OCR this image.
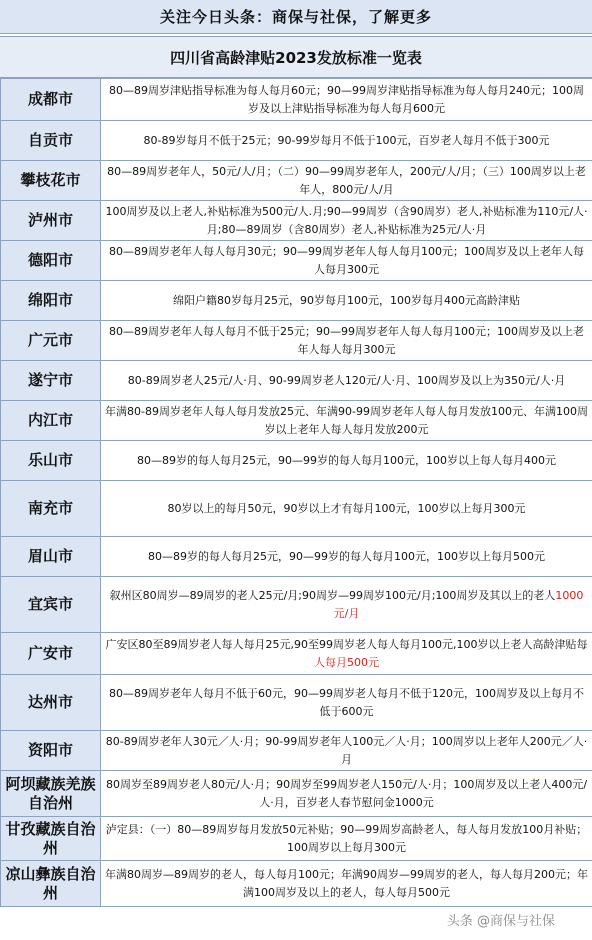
关注今日头条：商保与社保，了解更多
四川省高龄津贴2023发放标准一览表
成都市	80—89周岁津贴指导标准为每人每月60元；90—99周岁津贴指导标准为每人每月240元；100周岁及以上津贴指导标准为每人每月600元
自贡市	80-89岁每月不低于25元；90-99岁每月不低于100元，百岁老人每月不低于300元
攀枝花市	80—89周岁老年人，50元/人/月；（二）90—99周岁老年人，200元/人/月；（三）100周岁以上老年人，800元/人/月
泸州市	100周岁及以上老人,补贴标准为500元/人.月;90—99周岁（含90周岁）老人,补贴标准为110元/人·月;80—89周岁（含80周岁）老人,补贴标准为25元/人·月
德阳市	80—89周岁老年人每人每月30元；90—99周岁老年人每人每月100元；100周岁及以上老年人每人每月300元
绵阳市	绵阳户籍80岁每月25元，90岁每月100元，100岁每月400元高龄津贴
广元市	80—89周岁老年人每人每月不低于25元；90—99周岁老年人每人每月100元；100周岁及以上老年人每人每月300元
遂宁市	80-89周岁老人25元/人·月、90-99周岁老人120元/人·月、100周岁及以上为350元/人·月
内江市	年满80-89周岁老年人每人每月发放25元、年满90-99周岁老年人每人每月发放100元、年满100周岁以上老年人每人每月发放200元
乐山市	80—89岁的每人每月25元，90—99岁的每人每月100元，100岁以上每人每月400元
南充市	80岁以上的每月50元，90岁以上才有每月100元，100岁以上每月300元
眉山市	80—89岁的每人每月25元，90—99岁的每人每月100元，100岁以上每月500元
宜宾市	叙州区80周岁—89周岁的老人25元/月;90周岁—99周岁100元/月;100周岁及其以上的老人1000元/月
广安市	广安区80至89周岁老人每人每月25元,90至99周岁老人每人每月100元,100岁以上老人高龄津贴每人每月500元
达州市	80—89周岁老年人每月不低于60元，90—99周岁老人每月不低于120元，100周岁及以上每月不低于600元
资阳市	80-89周岁老年人30元／人·月；90-99周岁老年人100元／人·月；100周岁以上老年人200元／人·月
阿坝藏族羌族自治州	80周岁至89周岁老人80元/人·月；90周岁至99周岁老人150元/人·月；100周岁及以上老人400元/人·月，百岁老人春节慰问金1000元
甘孜藏族自治州	泸定县：（一）80—89周岁每月发放50元补贴；90—99周岁高龄老人，每人每月发放100月补贴；100周岁以上每月300元
凉山彝族自治州	年满80周岁—89周岁的老人，每人每月100元；年满90周岁—99周岁的老人，每人每月200元；年满100周岁及以上的老人，每人每月500元
头条 @商保与社保
